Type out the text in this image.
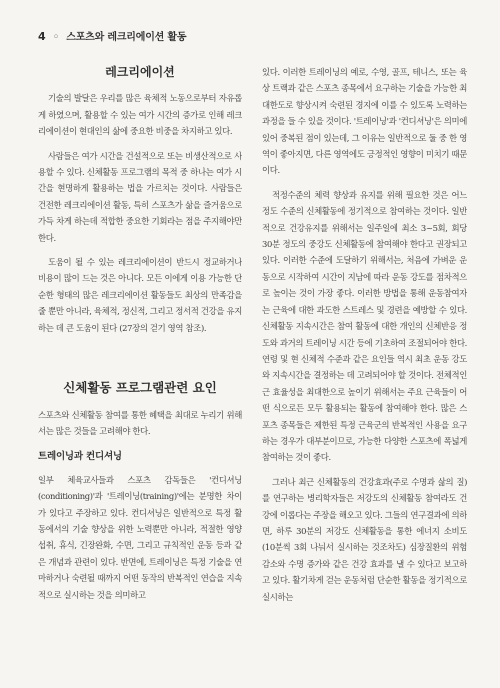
4 ◦ 스포츠와 레크리에이션 활동
레크리에이션

기술의 발달은 우리를 많은 육체적 노동으로부터 자유롭게 하였으며, 활용할 수 있는 여가 시간의 증가로 인해 레크리에이션이 현대인의 삶에 중요한 비중을 차지하고 있다.

사람들은 여가 시간을 건설적으로 또는 비생산적으로 사용할 수 있다. 신체활동 프로그램의 목적 중 하나는 여가 시간을 현명하게 활용하는 법을 가르치는 것이다. 사람들은 건전한 레크리에이션 활동, 특히 스포츠가 삶을 즐거움으로 가득 차게 하는데 적합한 중요한 기회라는 점을 주지해야만 한다.

도움이 될 수 있는 레크리에이션이 반드시 정교하거나 비용이 많이 드는 것은 아니다. 모든 이에게 이용 가능한 단순한 형태의 많은 레크리에이션 활동들도 최상의 만족감을 줄 뿐만 아니라, 육체적, 정신적, 그리고 정서적 건강을 유지하는 데 큰 도움이 된다 (27장의 걷기 영역 참조).

신체활동 프로그램관련 요인

스포츠와 신체활동 참여를 통한 혜택을 최대로 누리기 위해서는 많은 것들을 고려해야 한다.

트레이닝과 컨디셔닝

일부 체육교사들과 스포츠 감독들은 '컨디셔닝(conditioning)'과 '트레이닝(training)'에는 분명한 차이가 있다고 주장하고 있다. 컨디셔닝은 일반적으로 특정 활동에서의 기술 향상을 위한 노력뿐만 아니라, 적절한 영양섭취, 휴식, 긴장완화, 수면, 그리고 규칙적인 운동 등과 같은 개념과 관련이 있다. 반면에, 트레이닝은 특정 기술을 연마하거나 숙련될 때까지 어떤 동작의 반복적인 연습을 지속적으로 실시하는 것을 의미하고

있다. 이러한 트레이닝의 예로, 수영, 골프, 테니스, 또는 육상 트랙과 같은 스포츠 종목에서 요구하는 기술을 가능한 최대한도로 향상시켜 숙련된 경지에 이를 수 있도록 노력하는 과정을 들 수 있을 것이다. '트레이닝'과 '컨디셔닝'은 의미에 있어 중복된 점이 있는데, 그 이유는 일반적으로 둘 중 한 영역이 좋아지면, 다른 영역에도 긍정적인 영향이 미치기 때문이다.

적정수준의 체력 향상과 유지를 위해 필요한 것은 어느 정도 수준의 신체활동에 정기적으로 참여하는 것이다. 일반적으로 건강유지를 위해서는 일주일에 최소 3~5회, 회당 30분 정도의 중강도 신체활동에 참여해야 한다고 권장되고 있다. 이러한 수준에 도달하기 위해서는, 처음에 가벼운 운동으로 시작하여 시간이 지남에 따라 운동 강도를 점차적으로 높이는 것이 가장 좋다. 이러한 방법을 통해 운동참여자는 근육에 대한 과도한 스트레스 및 경련을 예방할 수 있다. 신체활동 지속시간은 참여 활동에 대한 개인의 신체반응 정도와 과거의 트레이닝 시간 등에 기초하여 조절되어야 한다. 연령 및 현 신체적 수준과 같은 요인들 역시 최초 운동 강도와 지속시간을 결정하는 데 고려되어야 할 것이다. 전체적인 근 효율성을 최대한으로 높이기 위해서는 주요 근육들이 어떤 식으로든 모두 활용되는 활동에 참여해야 한다. 많은 스포츠 종목들은 제한된 특정 근육군의 반복적인 사용을 요구하는 경우가 대부분이므로, 가능한 다양한 스포츠에 폭넓게 참여하는 것이 좋다.

그러나 최근 신체활동의 건강효과(주로 수명과 삶의 질)를 연구하는 병리학자들은 저강도의 신체활동 참여라도 건강에 이롭다는 주장을 해오고 있다. 그들의 연구결과에 의하면, 하루 30분의 저강도 신체활동을 통한 에너지 소비도 (10분씩 3회 나눠서 실시하는 것조차도) 심장질환의 위험 감소와 수명 증가와 같은 건강 효과를 낼 수 있다고 보고하고 있다. 활기차게 걷는 운동처럼 단순한 활동을 정기적으로 실시하는
